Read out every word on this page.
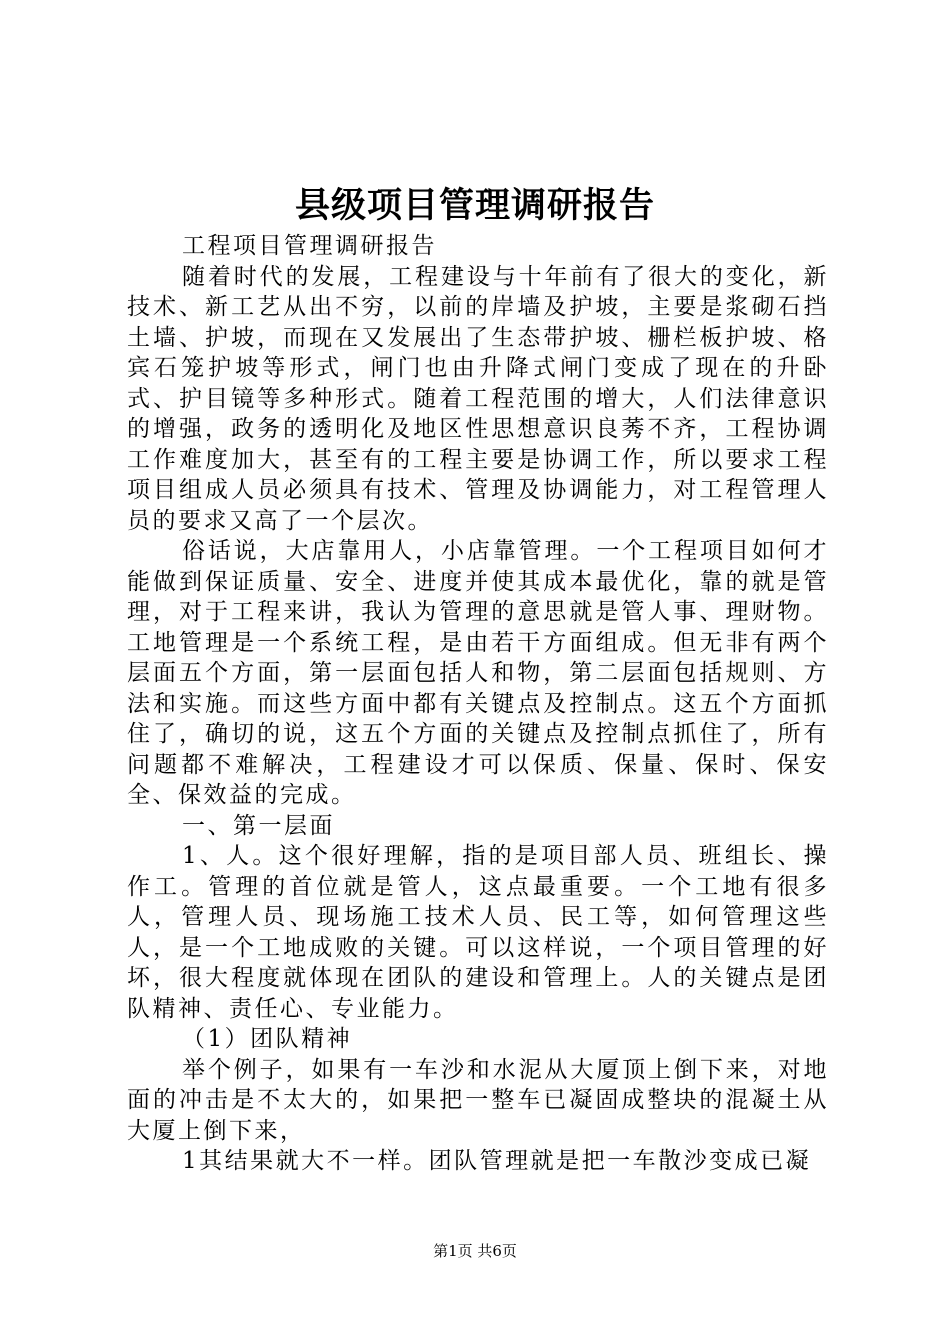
县级项目管理调研报告

工程项目管理调研报告

随着时代的发展，工程建设与十年前有了很大的变化，新技术、新工艺从出不穷，以前的岸墙及护坡，主要是浆砌石挡土墙、护坡，而现在又发展出了生态带护坡、栅栏板护坡、格宾石笼护坡等形式，闸门也由升降式闸门变成了现在的升卧式、护目镜等多种形式。随着工程范围的增大，人们法律意识的增强，政务的透明化及地区性思想意识良莠不齐，工程协调工作难度加大，甚至有的工程主要是协调工作，所以要求工程项目组成人员必须具有技术、管理及协调能力，对工程管理人员的要求又高了一个层次。

俗话说，大店靠用人，小店靠管理。一个工程项目如何才能做到保证质量、安全、进度并使其成本最优化，靠的就是管理，对于工程来讲，我认为管理的意思就是管人事、理财物。工地管理是一个系统工程，是由若干方面组成。但无非有两个层面五个方面，第一层面包括人和物，第二层面包括规则、方法和实施。而这些方面中都有关键点及控制点。这五个方面抓住了，确切的说，这五个方面的关键点及控制点抓住了，所有问题都不难解决，工程建设才可以保质、保量、保时、保安全、保效益的完成。

一、第一层面

1、人。这个很好理解，指的是项目部人员、班组长、操作工。管理的首位就是管人，这点最重要。一个工地有很多人，管理人员、现场施工技术人员、民工等，如何管理这些人，是一个工地成败的关键。可以这样说，一个项目管理的好坏，很大程度就体现在团队的建设和管理上。人的关键点是团队精神、责任心、专业能力。

（1）团队精神

举个例子，如果有一车沙和水泥从大厦顶上倒下来，对地面的冲击是不太大的，如果把一整车已凝固成整块的混凝土从大厦上倒下来，

1其结果就大不一样。团队管理就是把一车散沙变成已凝

第1页 共6页
